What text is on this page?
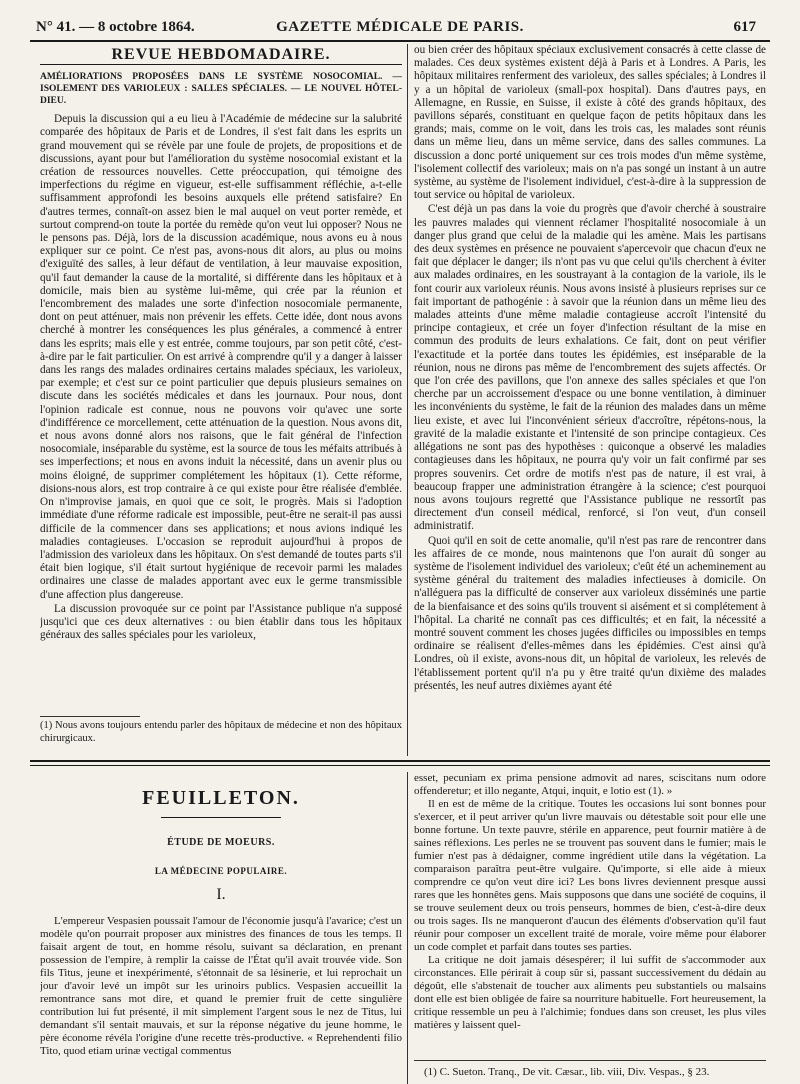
N° 41. — 8 octobre 1864.	GAZETTE MÉDICALE DE PARIS.	617
REVUE HEBDOMADAIRE.

AMÉLIORATIONS PROPOSÉES DANS LE SYSTÈME NOSOCOMIAL. — ISOLEMENT DES VARIOLEUX : SALLES SPÉCIALES. — LE NOUVEL HÔTEL-DIEU.

Depuis la discussion qui a eu lieu à l'Académie de médecine sur la salubrité comparée des hôpitaux de Paris et de Londres, il s'est fait dans les esprits un grand mouvement qui se révèle par une foule de projets, de propositions et de discussions, ayant pour but l'amélioration du système nosocomial existant et la création de ressources nouvelles. Cette préoccupation, qui témoigne des imperfections du régime en vigueur, est-elle suffisamment réfléchie, a-t-elle suffisamment approfondi les besoins auxquels elle prétend satisfaire? En d'autres termes, connaît-on assez bien le mal auquel on veut porter remède, et surtout comprend-on toute la portée du remède qu'on veut lui opposer? Nous ne le pensons pas. Déjà, lors de la discussion académique, nous avons eu à nous expliquer sur ce point. Ce n'est pas, avons-nous dit alors, au plus ou moins d'exiguïté des salles, à leur défaut de ventilation, à leur mauvaise exposition, qu'il faut demander la cause de la mortalité, si différente dans les hôpitaux et à domicile, mais bien au système lui-même, qui crée par la réunion et l'encombrement des malades une sorte d'infection nosocomiale permanente, dont on peut atténuer, mais non prévenir les effets. Cette idée, dont nous avons cherché à montrer les conséquences les plus générales, a commencé à entrer dans les esprits; mais elle y est entrée, comme toujours, par son petit côté, c'est-à-dire par le fait particulier. On est arrivé à comprendre qu'il y a danger à laisser dans les rangs des malades ordinaires certains malades spéciaux, les varioleux, par exemple; et c'est sur ce point particulier que depuis plusieurs semaines on discute dans les sociétés médicales et dans les journaux. Pour nous, dont l'opinion radicale est connue, nous ne pouvons voir qu'avec une sorte d'indifférence ce morcellement, cette atténuation de la question. Nous avons dit, et nous avons donné alors nos raisons, que le fait général de l'infection nosocomiale, inséparable du système, est la source de tous les méfaits attribués à ses imperfections; et nous en avons induit la nécessité, dans un avenir plus ou moins éloigné, de supprimer complétement les hôpitaux (1). Cette réforme, disions-nous alors, est trop contraire à ce qui existe pour être réalisée d'emblée. On n'improvise jamais, en quoi que ce soit, le progrès. Mais si l'adoption immédiate d'une réforme radicale est impossible, peut-être ne serait-il pas aussi difficile de la commencer dans ses applications; et nous avions indiqué les maladies contagieuses. L'occasion se reproduit aujourd'hui à propos de l'admission des varioleux dans les hôpitaux. On s'est demandé de toutes parts s'il était bien logique, s'il était surtout hygiénique de recevoir parmi les malades ordinaires une classe de malades apportant avec eux le germe transmissible d'une affection plus dangereuse.

La discussion provoquée sur ce point par l'Assistance publique n'a supposé jusqu'ici que ces deux alternatives : ou bien établir dans tous les hôpitaux généraux des salles spéciales pour les varioleux,

(1) Nous avons toujours entendu parler des hôpitaux de médecine et non des hôpitaux chirurgicaux.

ou bien créer des hôpitaux spéciaux exclusivement consacrés à cette classe de malades. Ces deux systèmes existent déjà à Paris et à Londres. A Paris, les hôpitaux militaires renferment des varioleux, des salles spéciales; à Londres il y a un hôpital de varioleux (small-pox hospital). Dans d'autres pays, en Allemagne, en Russie, en Suisse, il existe à côté des grands hôpitaux, des pavillons séparés, constituant en quelque façon de petits hôpitaux dans les grands; mais, comme on le voit, dans les trois cas, les malades sont réunis dans un même lieu, dans un même service, dans des salles communes. La discussion a donc porté uniquement sur ces trois modes d'un même système, l'isolement collectif des varioleux; mais on n'a pas songé un instant à un autre système, au système de l'isolement individuel, c'est-à-dire à la suppression de tout service ou hôpital de varioleux.

C'est déjà un pas dans la voie du progrès que d'avoir cherché à soustraire les pauvres malades qui viennent réclamer l'hospitalité nosocomiale à un danger plus grand que celui de la maladie qui les amène. Mais les partisans des deux systèmes en présence ne pouvaient s'apercevoir que chacun d'eux ne fait que déplacer le danger; ils n'ont pas vu que celui qu'ils cherchent à éviter aux malades ordinaires, en les soustrayant à la contagion de la variole, ils le font courir aux varioleux réunis. Nous avons insisté à plusieurs reprises sur ce fait important de pathogénie : à savoir que la réunion dans un même lieu des malades atteints d'une même maladie contagieuse accroît l'intensité du principe contagieux, et crée un foyer d'infection résultant de la mise en commun des produits de leurs exhalations. Ce fait, dont on peut vérifier l'exactitude et la portée dans toutes les épidémies, est inséparable de la réunion, nous ne dirons pas même de l'encombrement des sujets affectés. Or que l'on crée des pavillons, que l'on annexe des salles spéciales et que l'on cherche par un accroissement d'espace ou une bonne ventilation, à diminuer les inconvénients du système, le fait de la réunion des malades dans un même lieu existe, et avec lui l'inconvénient sérieux d'accroître, répétons-nous, la gravité de la maladie existante et l'intensité de son principe contagieux. Ces allégations ne sont pas des hypothèses : quiconque a observé les maladies contagieuses dans les hôpitaux, ne pourra qu'y voir un fait confirmé par ses propres souvenirs. Cet ordre de motifs n'est pas de nature, il est vrai, à beaucoup frapper une administration étrangère à la science; c'est pourquoi nous avons toujours regretté que l'Assistance publique ne ressortît pas directement d'un conseil médical, renforcé, si l'on veut, d'un conseil administratif.

Quoi qu'il en soit de cette anomalie, qu'il n'est pas rare de rencontrer dans les affaires de ce monde, nous maintenons que l'on aurait dû songer au système de l'isolement individuel des varioleux; c'eût été un acheminement au système général du traitement des maladies infectieuses à domicile. On n'alléguera pas la difficulté de conserver aux varioleux disséminés une partie de la bienfaisance et des soins qu'ils trouvent si aisément et si complétement à l'hôpital. La charité ne connaît pas ces difficultés; et en fait, la nécessité a montré souvent comment les choses jugées difficiles ou impossibles en temps ordinaire se réalisent d'elles-mêmes dans les épidémies. C'est ainsi qu'à Londres, où il existe, avons-nous dit, un hôpital de varioleux, les relevés de l'établissement portent qu'il n'a pu y être traité qu'un dixième des malades présentés, les neuf autres dixièmes ayant été

FEUILLETON.
ÉTUDE DE MOEURS.
LA MÉDECINE POPULAIRE.
I.

L'empereur Vespasien poussait l'amour de l'économie jusqu'à l'avarice; c'est un modèle qu'on pourrait proposer aux ministres des finances de tous les temps. Il faisait argent de tout, en homme résolu, suivant sa déclaration, en prenant possession de l'empire, à remplir la caisse de l'État qu'il avait trouvée vide. Son fils Titus, jeune et inexpérimenté, s'étonnait de sa lésinerie, et lui reprochait un jour d'avoir levé un impôt sur les urinoirs publics. Vespasien accueillit la remontrance sans mot dire, et quand le premier fruit de cette singulière contribution lui fut présenté, il mit simplement l'argent sous le nez de Titus, lui demandant s'il sentait mauvais, et sur la réponse négative du jeune homme, le père économe révéla l'origine d'une recette très-productive. « Reprehendenti filio Tito, quod etiam urinæ vectigal commentus

esset, pecuniam ex prima pensione admovit ad nares, sciscitans num odore offenderetur; et illo negante, Atqui, inquit, e lotio est (1). »

Il en est de même de la critique. Toutes les occasions lui sont bonnes pour s'exercer, et il peut arriver qu'un livre mauvais ou détestable soit pour elle une bonne fortune. Un texte pauvre, stérile en apparence, peut fournir matière à de saines réflexions. Les perles ne se trouvent pas souvent dans le fumier; mais le fumier n'est pas à dédaigner, comme ingrédient utile dans la végétation. La comparaison paraîtra peut-être vulgaire. Qu'importe, si elle aide à mieux comprendre ce qu'on veut dire ici? Les bons livres deviennent presque aussi rares que les honnêtes gens. Mais supposons que dans une société de coquins, il se trouve seulement deux ou trois penseurs, hommes de bien, c'est-à-dire deux ou trois sages. Ils ne manqueront d'aucun des éléments d'observation qu'il faut réunir pour composer un excellent traité de morale, voire même pour élaborer un code complet et parfait dans toutes ses parties.

La critique ne doit jamais désespérer; il lui suffit de s'accommoder aux circonstances. Elle périrait à coup sûr si, passant successivement du dédain au dégoût, elle s'abstenait de toucher aux aliments peu substantiels ou malsains dont elle est bien obligée de faire sa nourriture habituelle. Fort heureusement, la critique ressemble un peu à l'alchimie; fondues dans son creuset, les plus viles matières y laissent quel-

(1) C. Sueton. Tranq., De vit. Cæsar., lib. viii, Div. Vespas., § 23.
